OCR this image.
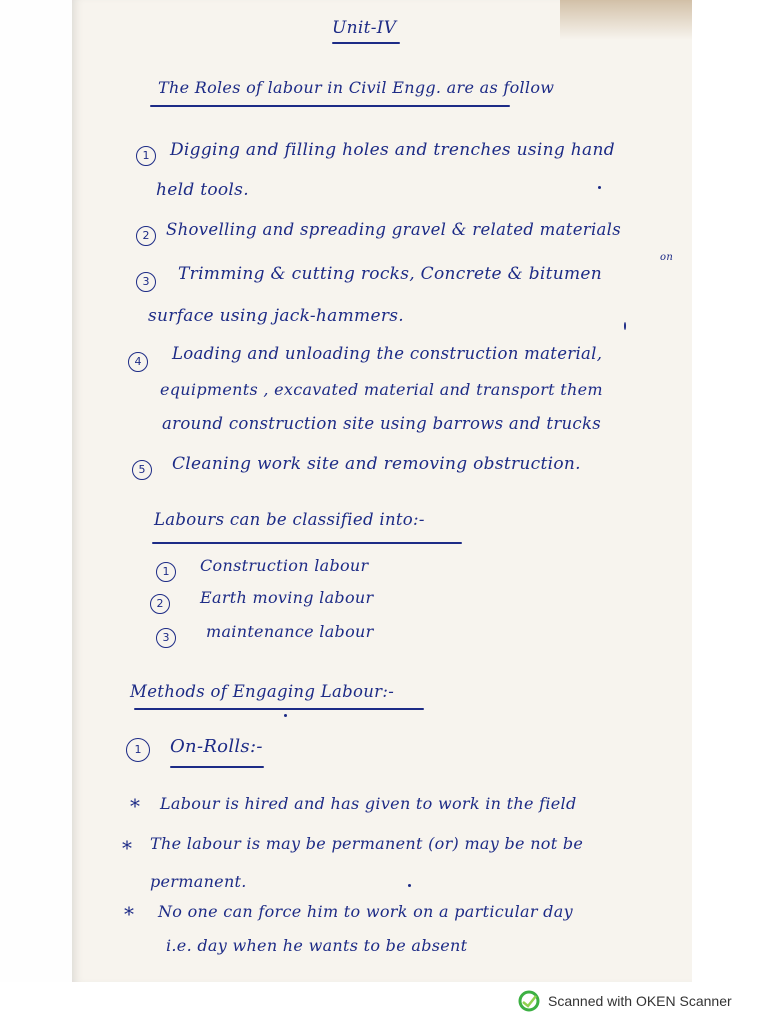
Unit-IV
The Roles of labour in Civil Engg. are as follow
1	Digging and filling holes and trenches using hand
held tools.
2	Shovelling and spreading gravel & related materials
3	Trimming & cutting rocks, Concrete & bitumen
on
surface using jack-hammers.
4	Loading and unloading the construction material,
equipments , excavated material and transport them
around construction site using barrows and trucks
5	Cleaning work site and removing obstruction.
Labours can be classified into:-
1	Construction labour
2	Earth moving labour
3	maintenance labour
Methods of Engaging Labour:-
1	On-Rolls:-
* Labour is hired and has given to work in the field
* The labour is may be permanent (or) may be not be
permanent.
* No one can force him to work on a particular day
i.e. day when he wants to be absent
Scanned with OKEN Scanner
